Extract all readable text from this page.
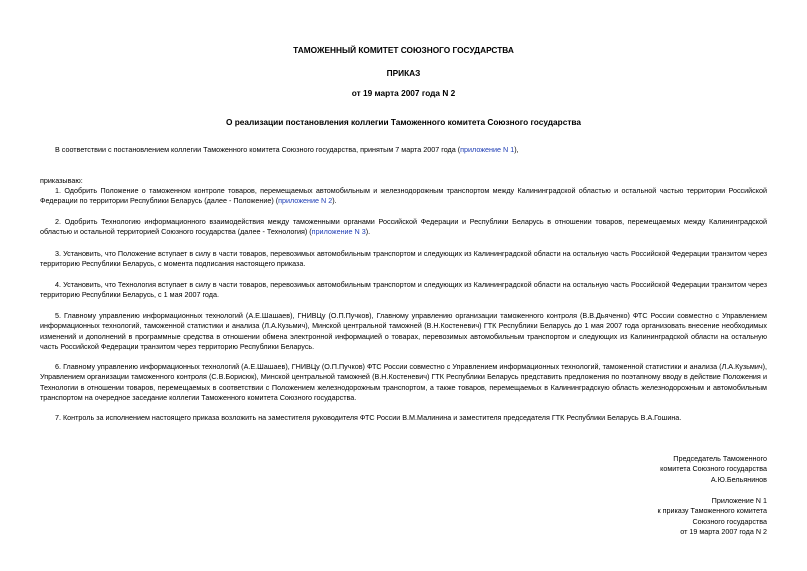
ТАМОЖЕННЫЙ КОМИТЕТ СОЮЗНОГО ГОСУДАРСТВА

ПРИКАЗ

от 19 марта 2007 года N 2

О реализации постановления коллегии Таможенного комитета Союзного государства

В соответствии с постановлением коллегии Таможенного комитета Союзного государства, принятым 7 марта 2007 года (приложение N 1),

приказываю:

1. Одобрить Положение о таможенном контроле товаров, перемещаемых автомобильным и железнодорожным транспортом между Калининградской областью и остальной частью территории Российской Федерации по территории Республики Беларусь (далее - Положение) (приложение N 2).

2. Одобрить Технологию информационного взаимодействия между таможенными органами Российской Федерации и Республики Беларусь в отношении товаров, перемещаемых между Калининградской областью и остальной территорией Союзного государства (далее - Технология) (приложение N 3).

3. Установить, что Положение вступает в силу в части товаров, перевозимых автомобильным транспортом и следующих из Калининградской области на остальную часть Российской Федерации транзитом через территорию Республики Беларусь, с момента подписания настоящего приказа.

4. Установить, что Технология вступает в силу в части товаров, перевозимых автомобильным транспортом и следующих из Калининградской области на остальную часть Российской Федерации транзитом через территорию Республики Беларусь, с 1 мая 2007 года.

5. Главному управлению информационных технологий (А.Е.Шашаев), ГНИВЦу (О.П.Пучков), Главному управлению организации таможенного контроля (В.В.Дьяченко) ФТС России совместно с Управлением информационных технологий, таможенной статистики и анализа (Л.А.Кузьмич), Минской центральной таможней (В.Н.Костеневич) ГТК Республики Беларусь до 1 мая 2007 года организовать внесение необходимых изменений и дополнений в программные средства в отношении обмена электронной информацией о товарах, перевозимых автомобильным транспортом и следующих из Калининградской области на остальную часть Российской Федерации транзитом через территорию Республики Беларусь.

6. Главному управлению информационных технологий (А.Е.Шашаев), ГНИВЦу (О.П.Пучков) ФТС России совместно с Управлением информационных технологий, таможенной статистики и анализа (Л.А.Кузьмич), Управлением организации таможенного контроля (С.В.Борисюк), Минской центральной таможней (В.Н.Костеневич) ГТК Республики Беларусь представить предложения по поэтапному вводу в действие Положения и Технологии в отношении товаров, перемещаемых в соответствии с Положением железнодорожным транспортом, а также товаров, перемещаемых в Калининградскую область железнодорожным и автомобильным транспортом на очередное заседание коллегии Таможенного комитета Союзного государства.

7. Контроль за исполнением настоящего приказа возложить на заместителя руководителя ФТС России В.М.Малинина и заместителя председателя ГТК Республики Беларусь В.А.Гошина.

Председатель Таможенного
комитета Союзного государства
А.Ю.Бельянинов
Приложение N 1
к приказу Таможенного комитета
Союзного государства
от 19 марта 2007 года N 2
